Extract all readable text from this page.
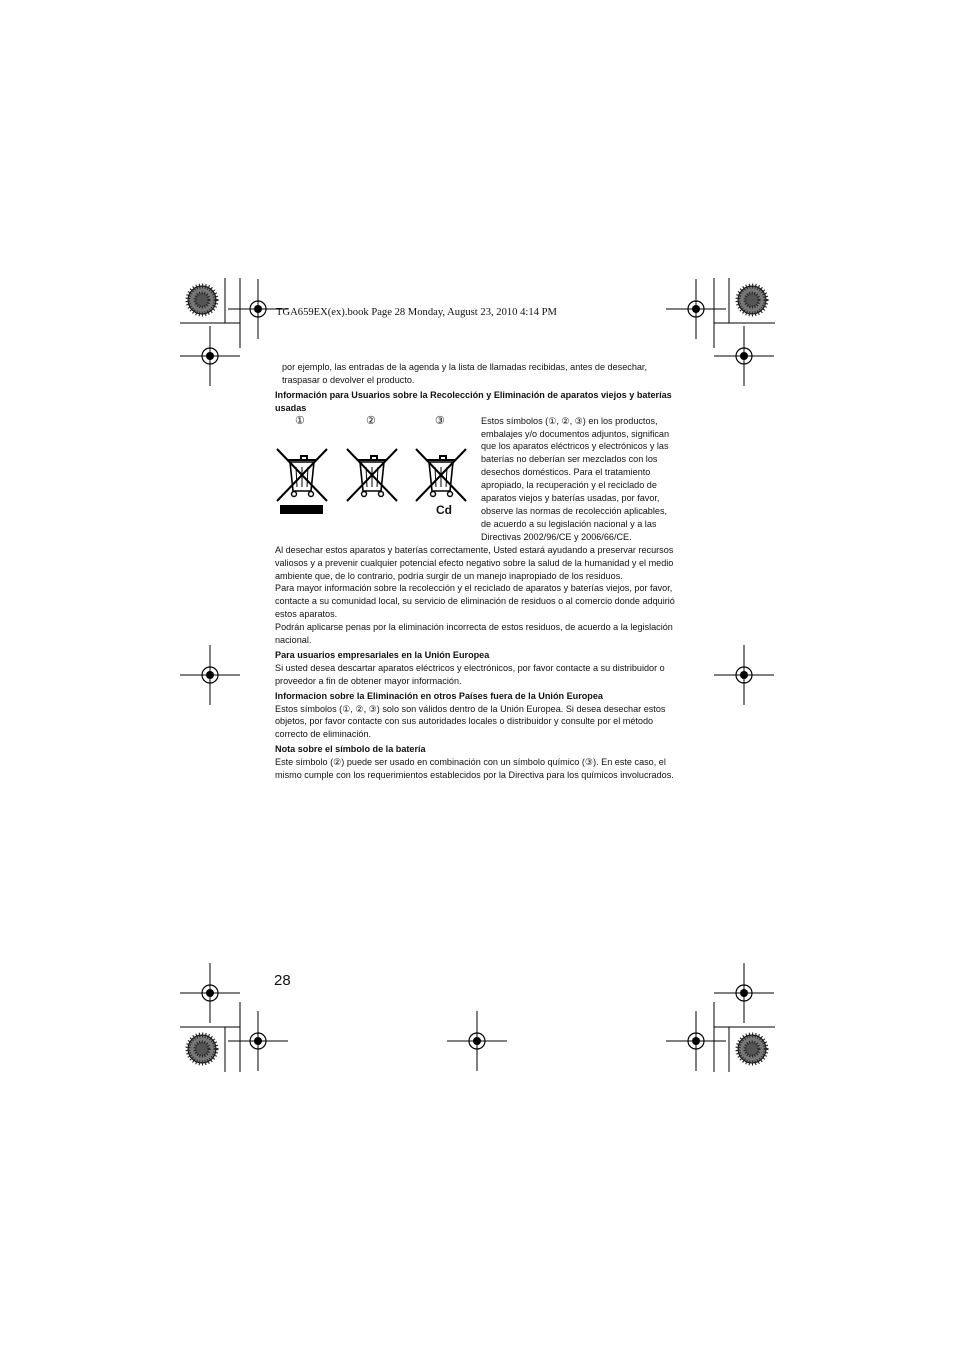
TGA659EX(ex).book Page 28 Monday, August 23, 2010 4:14 PM

por ejemplo, las entradas de la agenda y la lista de llamadas recibidas, antes de desechar, traspasar o devolver el producto.

Información para Usuarios sobre la Recolección y Eliminación de aparatos viejos y baterías usadas

①	②	③
Cd

Estos símbolos (①, ②, ③) en los productos, embalajes y/o documentos adjuntos, significan que los aparatos eléctricos y electrónicos y las baterías no deberían ser mezclados con los desechos domésticos. Para el tratamiento apropiado, la recuperación y el reciclado de aparatos viejos y baterías usadas, por favor, observe las normas de recolección aplicables, de acuerdo a su legislación nacional y a las Directivas 2002/96/CE y 2006/66/CE.

Al desechar estos aparatos y baterías correctamente, Usted estará ayudando a preservar recursos valiosos y a prevenir cualquier potencial efecto negativo sobre la salud de la humanidad y el medio ambiente que, de lo contrario, podría surgir de un manejo inapropiado de los residuos.

Para mayor información sobre la recolección y el reciclado de aparatos y baterías viejos, por favor, contacte a su comunidad local, su servicio de eliminación de residuos o al comercio donde adquirió estos aparatos.

Podrán aplicarse penas por la eliminación incorrecta de estos residuos, de acuerdo a la legislación nacional.

Para usuarios empresariales en la Unión Europea

Si usted desea descartar aparatos eléctricos y electrónicos, por favor contacte a su distribuidor o proveedor a fin de obtener mayor información.

Informacion sobre la Eliminación en otros Países fuera de la Unión Europea

Estos símbolos (①, ②, ③) solo son válidos dentro de la Unión Europea. Si desea desechar estos objetos, por favor contacte con sus autoridades locales o distribuidor y consulte por el método correcto de eliminación.

Nota sobre el símbolo de la batería

Este símbolo (②) puede ser usado en combinación con un símbolo químico (③). En este caso, el mismo cumple con los requerimientos establecidos por la Directiva para los químicos involucrados.

28
